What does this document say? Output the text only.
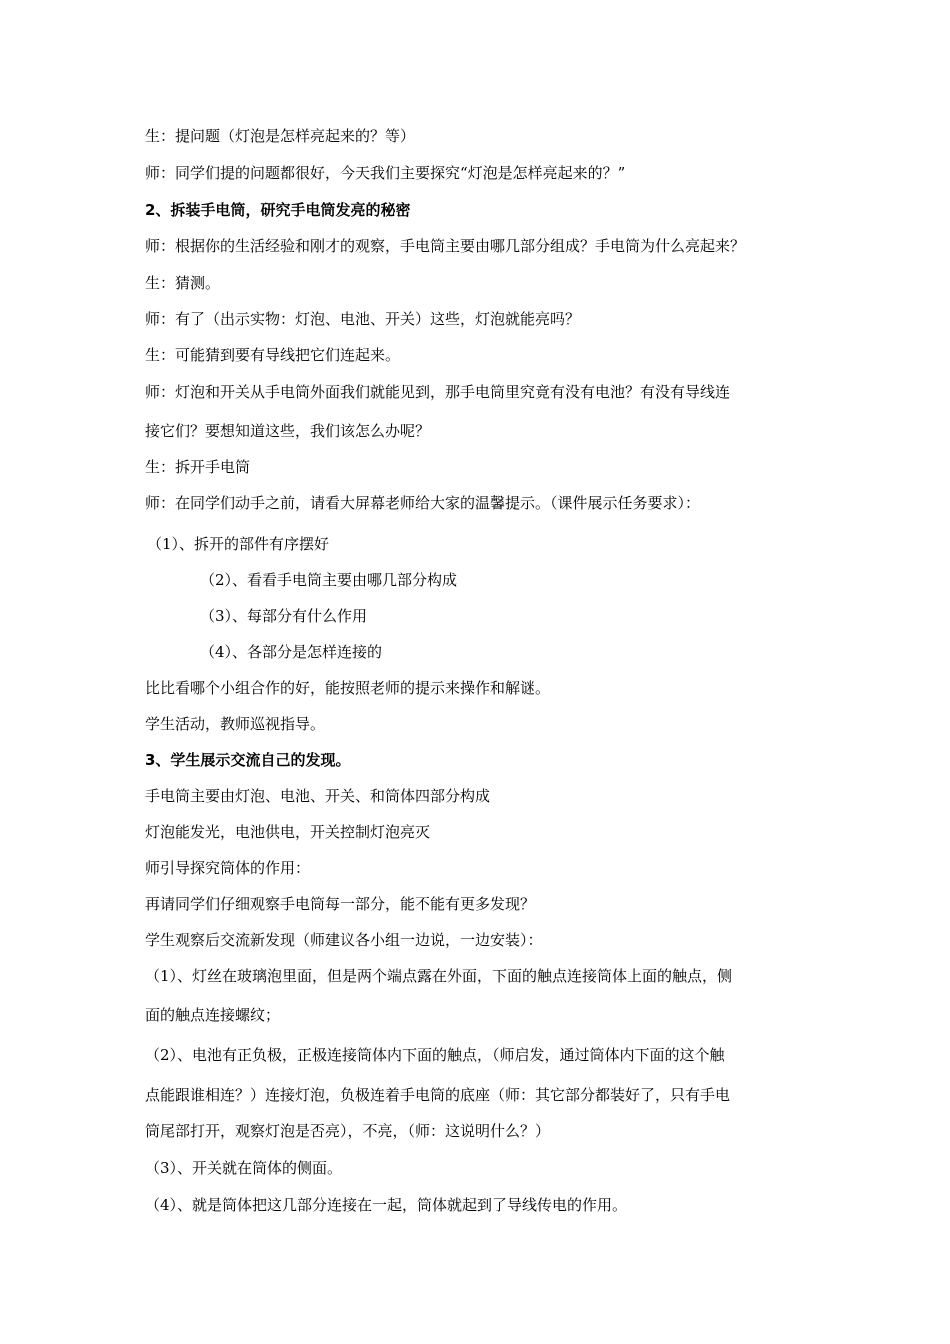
生：提问题（灯泡是怎样亮起来的？等）
师：同学们提的问题都很好，今天我们主要探究“灯泡是怎样亮起来的？”
2、拆装手电筒，研究手电筒发亮的秘密
师：根据你的生活经验和刚才的观察，手电筒主要由哪几部分组成？手电筒为什么亮起来？
生：猜测。
师：有了（出示实物：灯泡、电池、开关）这些，灯泡就能亮吗？
生：可能猜到要有导线把它们连起来。
师：灯泡和开关从手电筒外面我们就能见到，那手电筒里究竟有没有电池？有没有导线连
接它们？要想知道这些，我们该怎么办呢？
生：拆开手电筒
师：在同学们动手之前，请看大屏幕老师给大家的温馨提示。（课件展示任务要求）：
（1）、拆开的部件有序摆好
（2）、看看手电筒主要由哪几部分构成
（3）、每部分有什么作用
（4）、各部分是怎样连接的
比比看哪个小组合作的好，能按照老师的提示来操作和解谜。
学生活动，教师巡视指导。
3、学生展示交流自己的发现。
手电筒主要由灯泡、电池、开关、和筒体四部分构成
灯泡能发光，电池供电，开关控制灯泡亮灭
师引导探究筒体的作用：
再请同学们仔细观察手电筒每一部分，能不能有更多发现？
学生观察后交流新发现（师建议各小组一边说，一边安装）：
（1）、灯丝在玻璃泡里面，但是两个端点露在外面，下面的触点连接筒体上面的触点，侧
面的触点连接螺纹；
（2）、电池有正负极，正极连接筒体内下面的触点，（师启发，通过筒体内下面的这个触
点能跟谁相连？）连接灯泡，负极连着手电筒的底座（师：其它部分都装好了，只有手电
筒尾部打开，观察灯泡是否亮），不亮，（师：这说明什么？）
（3）、开关就在筒体的侧面。
（4）、就是筒体把这几部分连接在一起，筒体就起到了导线传电的作用。
